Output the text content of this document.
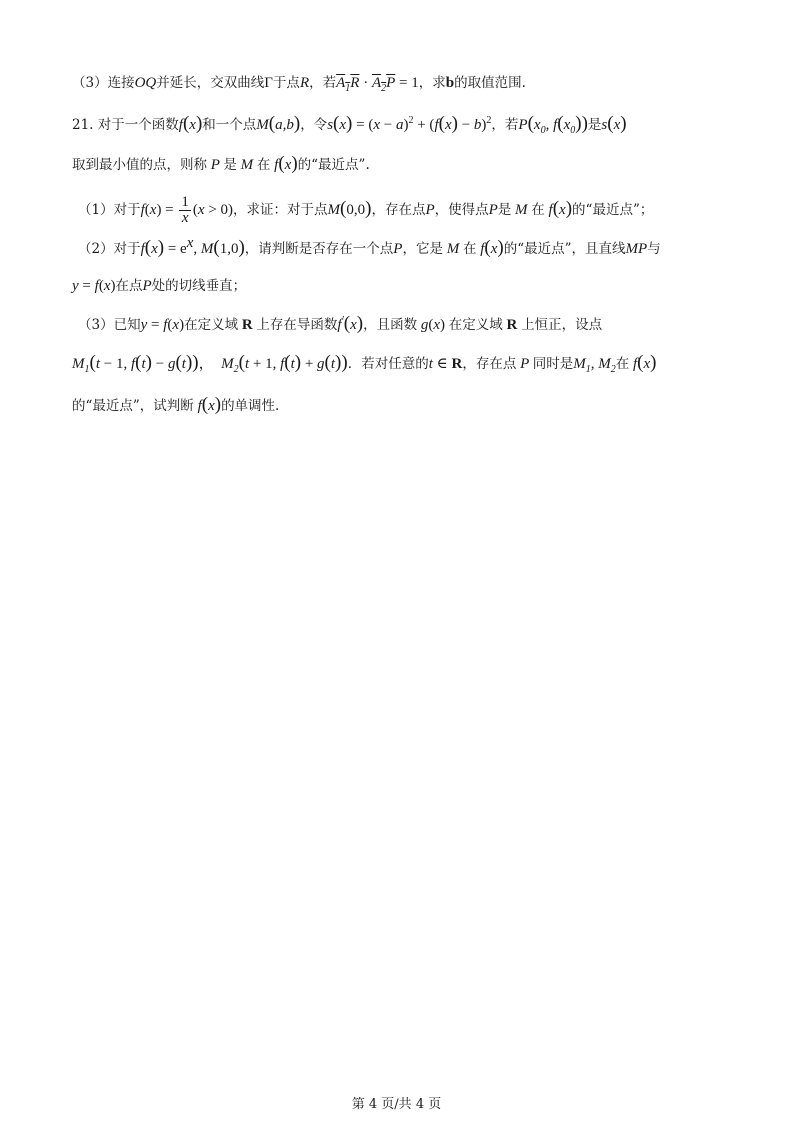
（3）连接OQ并延长，交双曲线Γ于点R，若$A_1R \cdot A_2P = 1$，求b的取值范围.
21. 对于一个函数f(x)和一个点M(a,b)，令$s(x) = (x - a)^2 + (f(x) - b)^2$，若$P(x_0$, $f(x_0)$)是s(x)
取到最小值的点，则称 P 是 M 在 f(x)的“最近点”.
（1）对于$f(x) = \frac{1}{x} (x > 0)$，求证：对于点M(0,0)，存在点P，使得点P是 M 在 f(x)的“最近点”；
（2）对于$f(x) = e^x$, M(1,0)，请判断是否存在一个点P，它是 M 在 f(x)的“最近点”，且直线MP与
y = f(x)在点P处的切线垂直；
（3）已知y = f(x)在定义域 R 上存在导函数f′(x)，且函数 g(x) 在定义域 R 上恒正，设点
$M_1(t - 1$, f(t) − g(t))，　$M_2(t + 1$, f(t) + g(t))．若对任意的t ∈ R，存在点 P 同时是$M_1$, $M_2$在 f(x)
的“最近点”，试判断 f(x)的单调性.
第 4 页/共 4 页
